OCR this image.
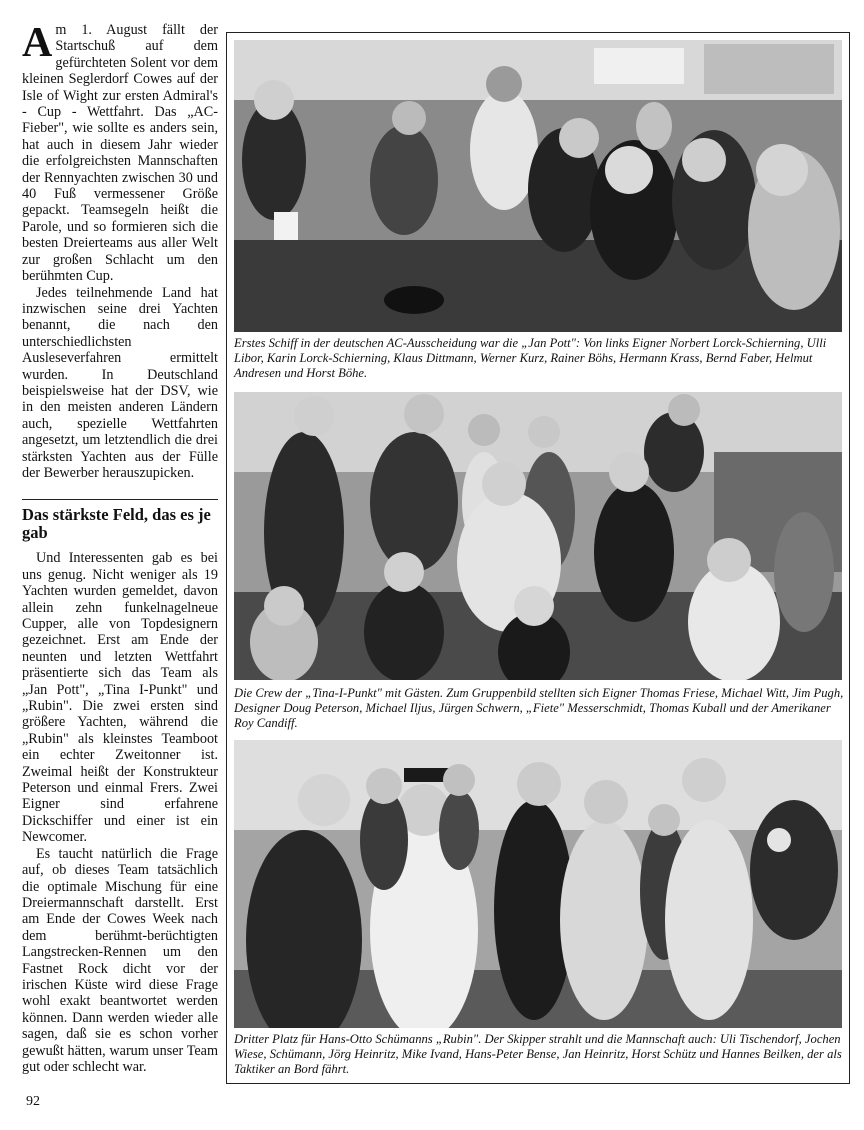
Am 1. August fällt der Startschuß auf dem gefürchteten Solent vor dem kleinen Seglerdorf Cowes auf der Isle of Wight zur ersten Admiral's - Cup - Wettfahrt. Das „AC-Fieber", wie sollte es anders sein, hat auch in diesem Jahr wieder die erfolgreichsten Mannschaften der Rennyachten zwischen 30 und 40 Fuß vermessener Größe gepackt. Teamsegeln heißt die Parole, und so formieren sich die besten Dreierteams aus aller Welt zur großen Schlacht um den berühmten Cup.

Jedes teilnehmende Land hat inzwischen seine drei Yachten benannt, die nach den unterschiedlichsten Ausleseverfahren ermittelt wurden. In Deutschland beispielsweise hat der DSV, wie in den meisten anderen Ländern auch, spezielle Wettfahrten angesetzt, um letztendlich die drei stärksten Yachten aus der Fülle der Bewerber herauszupicken.

Das stärkste Feld, das es je gab

Und Interessenten gab es bei uns genug. Nicht weniger als 19 Yachten wurden gemeldet, davon allein zehn funkelnagelneue Cupper, alle von Topdesignern gezeichnet. Erst am Ende der neunten und letzten Wettfahrt präsentierte sich das Team als „Jan Pott", „Tina I-Punkt" und „Rubin". Die zwei ersten sind größere Yachten, während die „Rubin" als kleinstes Teamboot ein echter Zweitonner ist. Zweimal heißt der Konstrukteur Peterson und einmal Frers. Zwei Eigner sind erfahrene Dickschiffer und einer ist ein Newcomer.

Es taucht natürlich die Frage auf, ob dieses Team tatsächlich die optimale Mischung für eine Dreiermannschaft darstellt. Erst am Ende der Cowes Week nach dem berühmt-berüchtigten Langstrecken-Rennen um den Fastnet Rock dicht vor der irischen Küste wird diese Frage wohl exakt beantwortet werden können. Dann werden wieder alle sagen, daß sie es schon vorher gewußt hätten, warum unser Team gut oder schlecht war.

92

Erstes Schiff in der deutschen AC-Ausscheidung war die „Jan Pott": Von links Eigner Norbert Lorck-Schierning, Ulli Libor, Karin Lorck-Schierning, Klaus Dittmann, Werner Kurz, Rainer Böhs, Hermann Krass, Bernd Faber, Helmut Andresen und Horst Böhe.

Die Crew der „Tina-I-Punkt" mit Gästen. Zum Gruppenbild stellten sich Eigner Thomas Friese, Michael Witt, Jim Pugh, Designer Doug Peterson, Michael Iljus, Jürgen Schwern, „Fiete" Messerschmidt, Thomas Kuball und der Amerikaner Roy Candiff.

Dritter Platz für Hans-Otto Schümanns „Rubin". Der Skipper strahlt und die Mannschaft auch: Uli Tischendorf, Jochen Wiese, Schümann, Jörg Heinritz, Mike Ivand, Hans-Peter Bense, Jan Heinritz, Horst Schütz und Hannes Beilken, der als Taktiker an Bord fährt.
